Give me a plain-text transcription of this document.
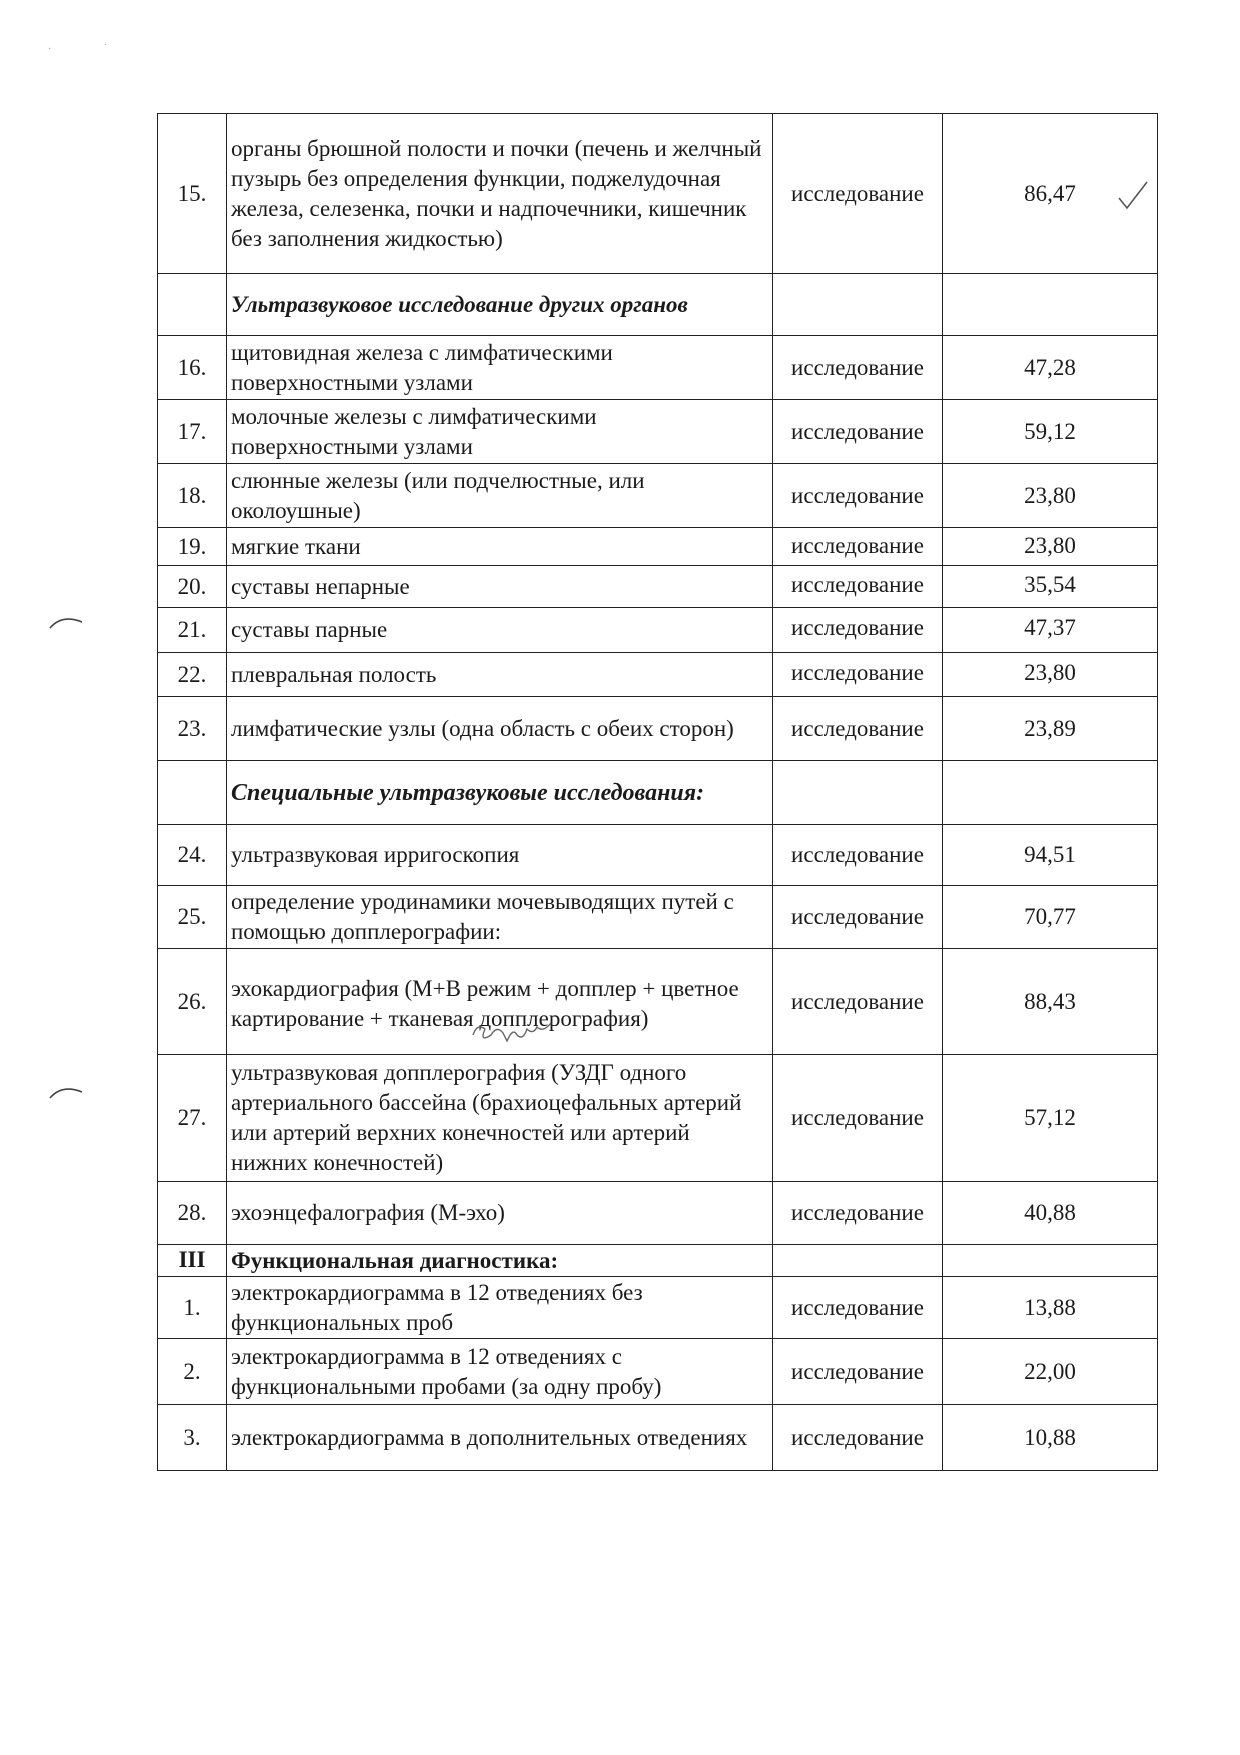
·	·
15.	органы брюшной полости и почки (печень и желчный пузырь без определения функции, поджелудочная железа, селезенка, почки и надпочечники, кишечник без заполнения жидкостью)	исследование	86,47

	Ультразвуковое исследование других органов		
16.	щитовидная железа с лимфатическими поверхностными узлами	исследование	47,28
17.	молочные железы с лимфатическими поверхностными узлами	исследование	59,12
18.	слюнные железы (или подчелюстные, или околоушные)	исследование	23,80
19.	мягкие ткани	исследование	23,80
20.	суставы непарные	исследование	35,54
21.	суставы парные	исследование	47,37
22.	плевральная полость	исследование	23,80
23.	лимфатические узлы (одна область с обеих сторон)	исследование	23,89
	Специальные ультразвуковые исследования:		
24.	ультразвуковая ирригоскопия	исследование	94,51
25.	определение уродинамики мочевыводящих путей с помощью допплерографии:	исследование	70,77
26.	эхокардиография (М+В режим + допплер + цветное картирование + тканевая допплерография)	исследование	88,43
27.	ультразвуковая допплерография (УЗДГ одного артериального бассейна (брахиоцефальных артерий или артерий верхних конечностей или артерий нижних конечностей)	исследование	57,12
28.	эхоэнцефалография (М-эхо)	исследование	40,88
III	Функциональная диагностика:		
1.	электрокардиограмма в 12 отведениях без функциональных проб	исследование	13,88
2.	электрокардиограмма в 12 отведениях с функциональными пробами (за одну пробу)	исследование	22,00
3.	электрокардиограмма в дополнительных отведениях	исследование	10,88
